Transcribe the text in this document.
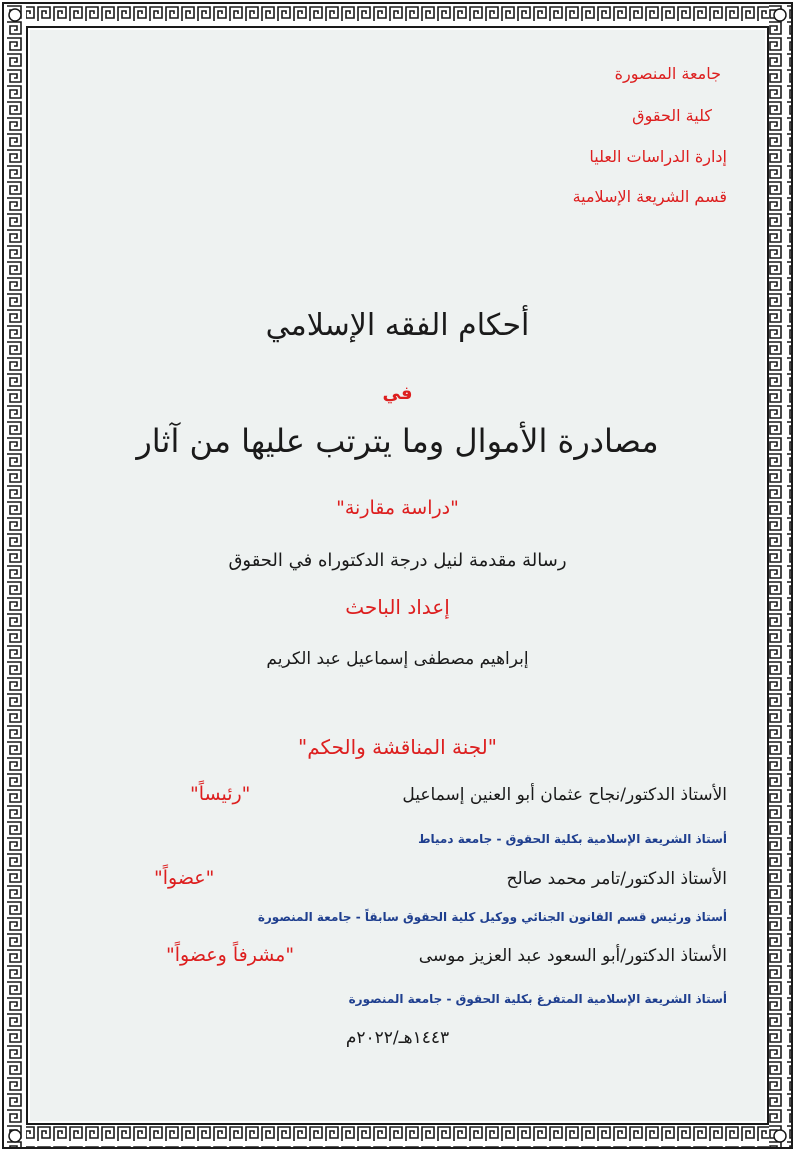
جامعة المنصورة
كلية الحقوق
إدارة الدراسات العليا
قسم الشريعة الإسلامية
أحكام الفقه الإسلامي
في
مصادرة الأموال وما يترتب عليها من آثار
"دراسة مقارنة"
رسالة مقدمة لنيل درجة الدكتوراه في الحقوق
إعداد الباحث
إبراهيم مصطفى إسماعيل عبد الكريم
"لجنة المناقشة والحكم"
الأستاذ الدكتور/نجاح عثمان أبو العنين إسماعيل
"رئيساً"
أستاذ الشريعة الإسلامية بكلية الحقوق - جامعة دمياط
الأستاذ الدكتور/تامر محمد صالح
"عضواً"
أستاذ ورئيس قسم القانون الجنائي ووكيل كلية الحقوق سابقاً - جامعة المنصورة
الأستاذ الدكتور/أبو السعود عبد العزيز موسى
"مشرفاً وعضواً"
أستاذ الشريعة الإسلامية المتفرغ بكلية الحقوق - جامعة المنصورة
١٤٤٣هـ/٢٠٢٢م
